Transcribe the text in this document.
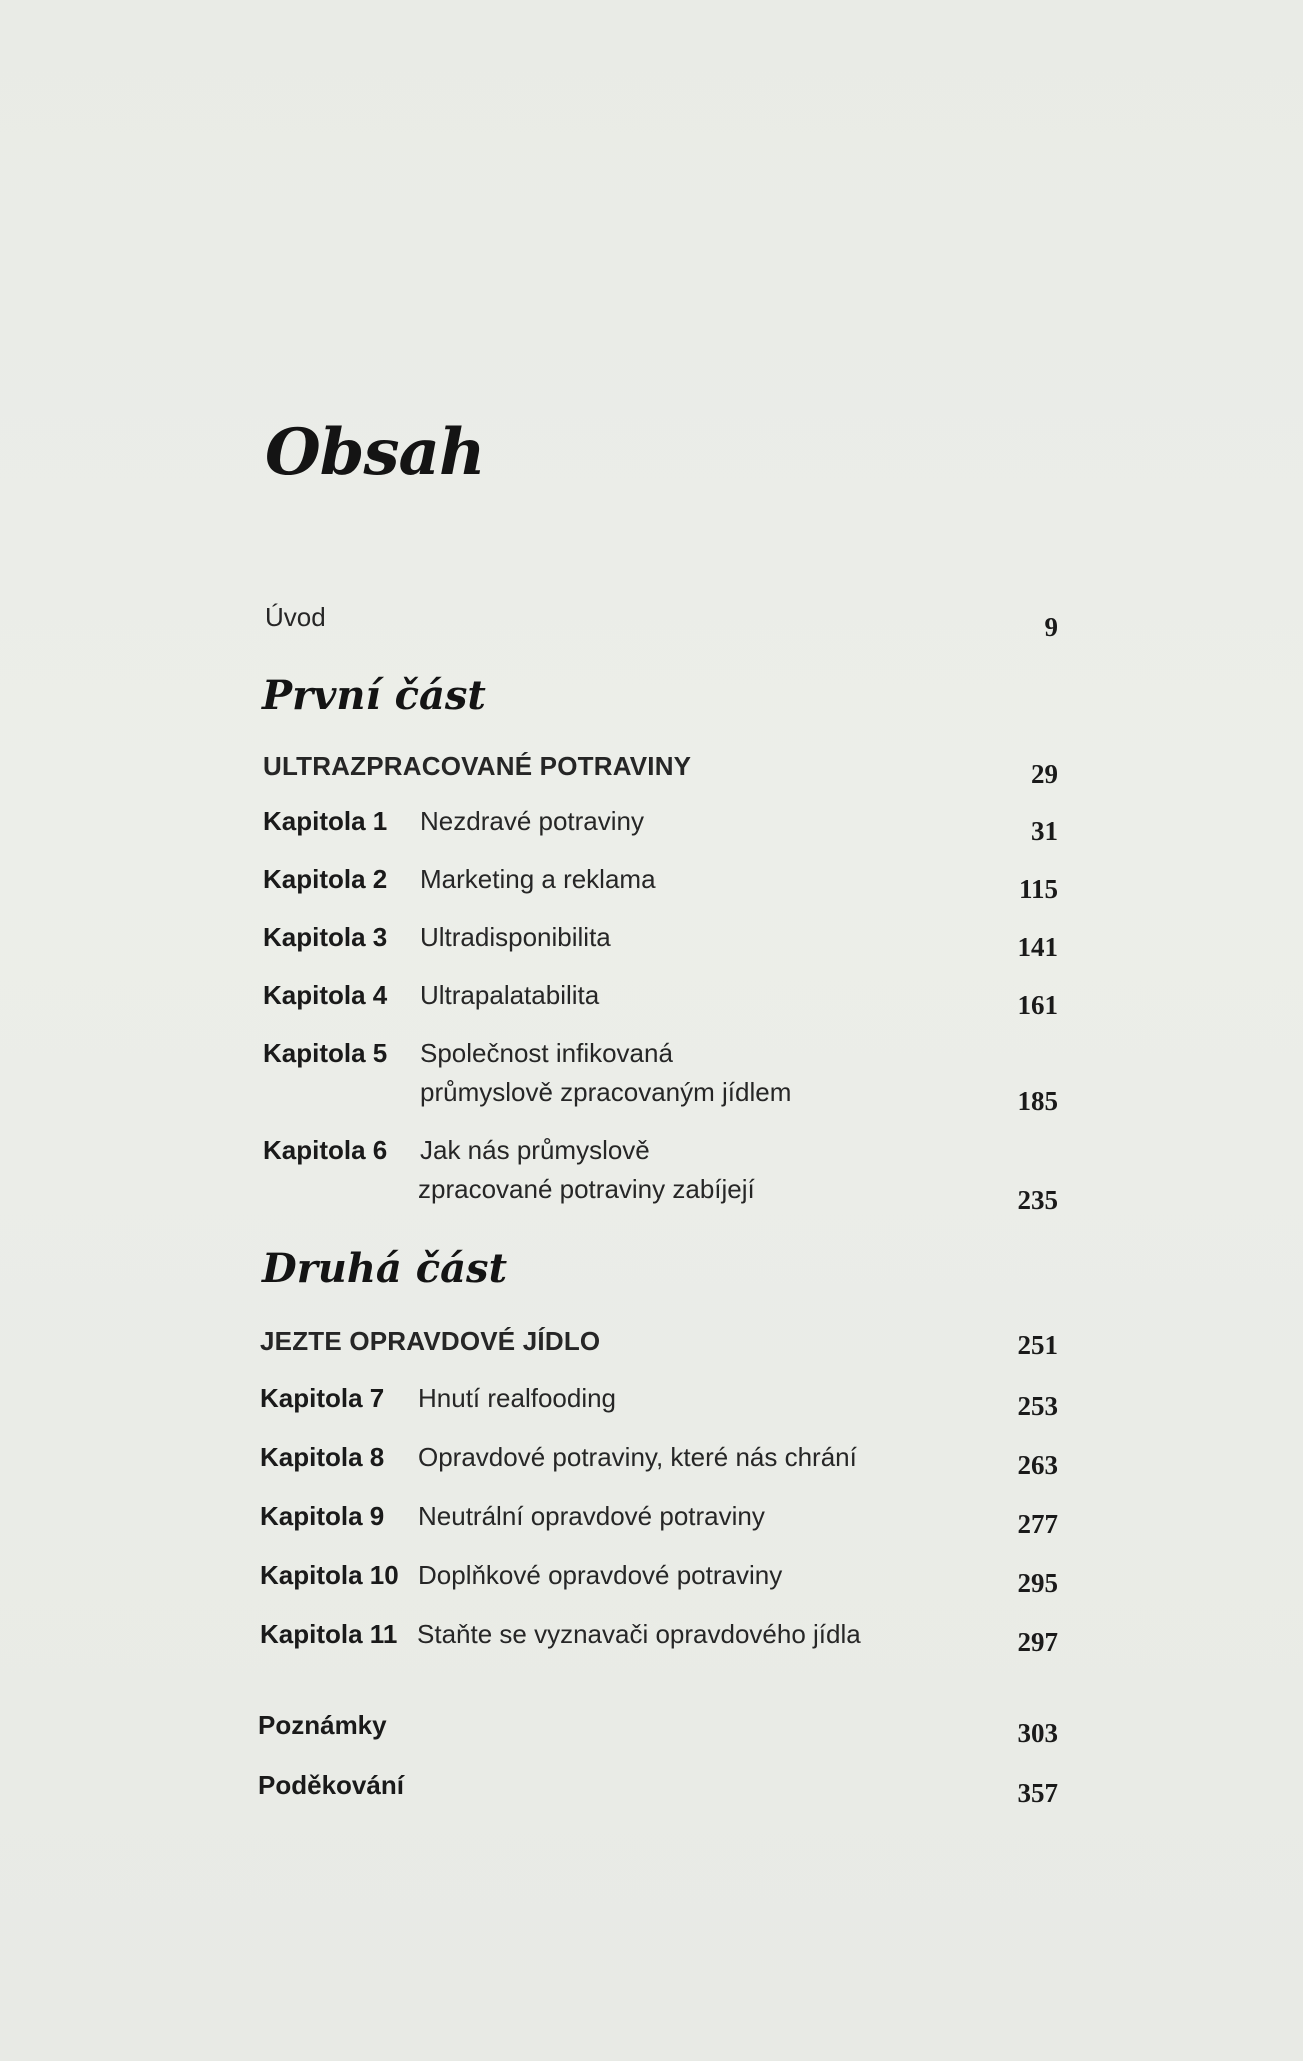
Obsah
Úvod	9
První část
ULTRAZPRACOVANÉ POTRAVINY	29
Kapitola 1 Nezdravé potraviny	31
Kapitola 2 Marketing a reklama	115
Kapitola 3 Ultradisponibilita	141
Kapitola 4 Ultrapalatabilita	161
Kapitola 5 Společnost infikovaná
průmyslově zpracovaným jídlem	185
Kapitola 6 Jak nás průmyslově
zpracované potraviny zabíjejí	235
Druhá část
JEZTE OPRAVDOVÉ JÍDLO	251
Kapitola 7 Hnutí realfooding	253
Kapitola 8 Opravdové potraviny, které nás chrání	263
Kapitola 9 Neutrální opravdové potraviny	277
Kapitola 10 Doplňkové opravdové potraviny	295
Kapitola 11 Staňte se vyznavači opravdového jídla	297
Poznámky	303
Poděkování	357
